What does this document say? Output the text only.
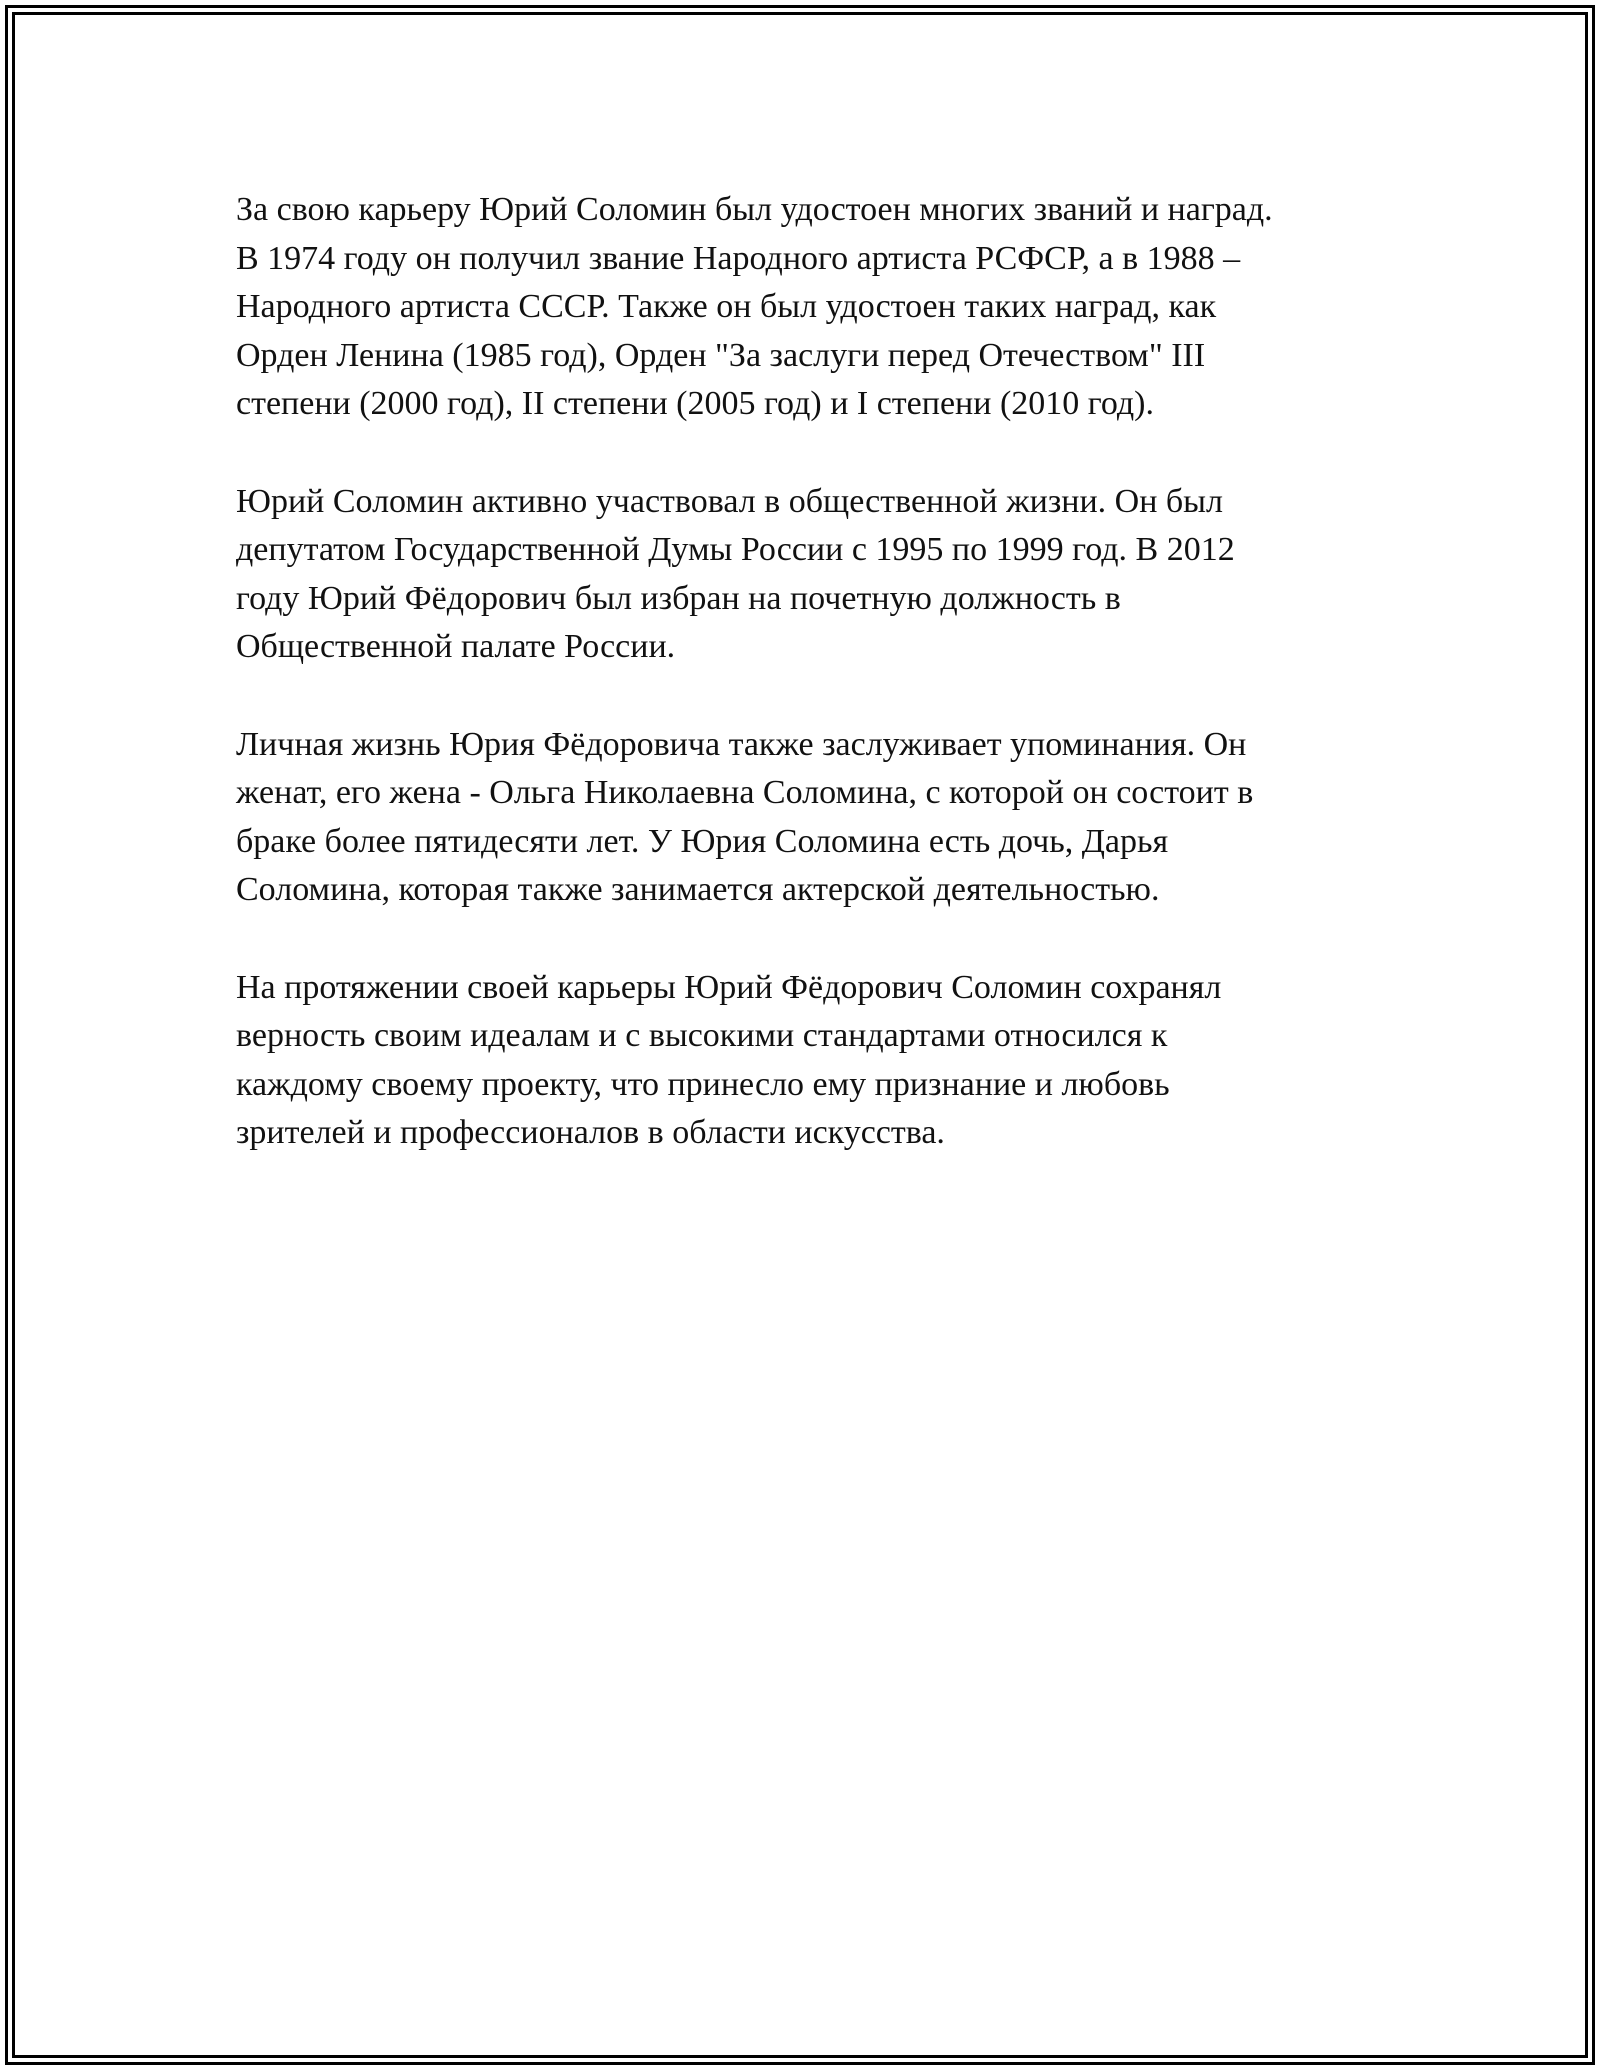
За свою карьеру Юрий Соломин был удостоен многих званий и наград.
В 1974 году он получил звание Народного артиста РСФСР, а в 1988 –
Народного артиста СССР. Также он был удостоен таких наград, как
Орден Ленина (1985 год), Орден "За заслуги перед Отечеством" III
степени (2000 год), II степени (2005 год) и I степени (2010 год).

Юрий Соломин активно участвовал в общественной жизни. Он был
депутатом Государственной Думы России с 1995 по 1999 год. В 2012
году Юрий Фёдорович был избран на почетную должность в
Общественной палате России.

Личная жизнь Юрия Фёдоровича также заслуживает упоминания. Он
женат, его жена - Ольга Николаевна Соломина, с которой он состоит в
браке более пятидесяти лет. У Юрия Соломина есть дочь, Дарья
Соломина, которая также занимается актерской деятельностью.

На протяжении своей карьеры Юрий Фёдорович Соломин сохранял
верность своим идеалам и с высокими стандартами относился к
каждому своему проекту, что принесло ему признание и любовь
зрителей и профессионалов в области искусства.
